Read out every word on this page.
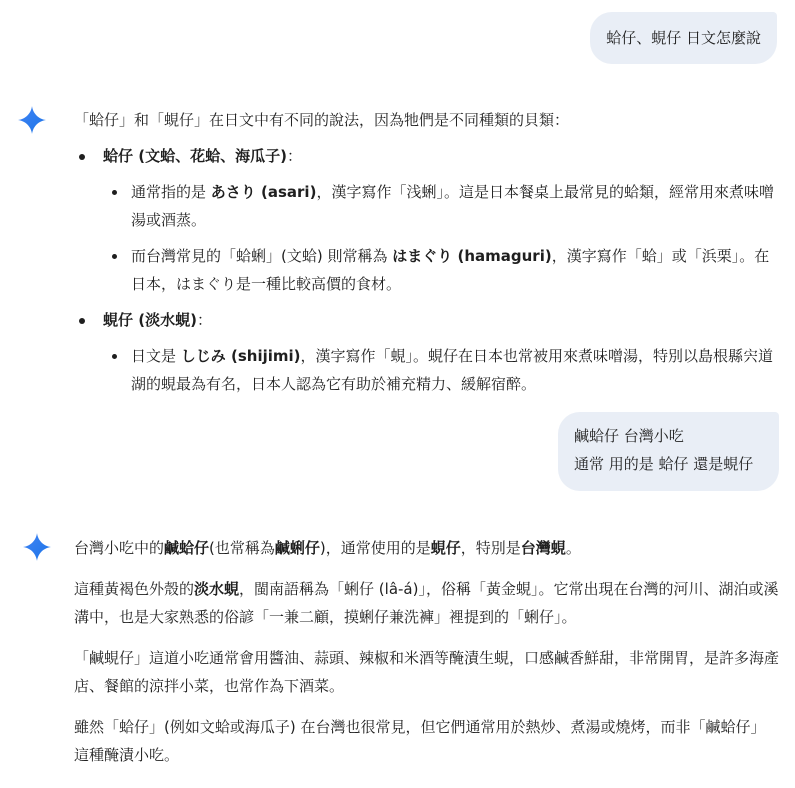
蛤仔、蜆仔 日文怎麼說

「蛤仔」和「蜆仔」在日文中有不同的說法，因為牠們是不同種類的貝類：

蛤仔 (文蛤、花蛤、海瓜子)：
通常指的是 あさり (asari)，漢字寫作「浅蜊」。這是日本餐桌上最常見的蛤類，經常用來煮味噌湯或酒蒸。
而台灣常見的「蛤蜊」(文蛤) 則常稱為 はまぐり (hamaguri)，漢字寫作「蛤」或「浜栗」。在日本，はまぐり是一種比較高價的食材。
蜆仔 (淡水蜆)：
日文是 しじみ (shijimi)，漢字寫作「蜆」。蜆仔在日本也常被用來煮味噌湯，特別以島根縣宍道湖的蜆最為有名，日本人認為它有助於補充精力、緩解宿醉。
鹹蛤仔 台灣小吃
通常 用的是 蛤仔 還是蜆仔

台灣小吃中的鹹蛤仔(也常稱為鹹蜊仔)，通常使用的是蜆仔，特別是台灣蜆。

這種黃褐色外殼的淡水蜆，閩南語稱為「蜊仔 (lâ-á)」，俗稱「黃金蜆」。它常出現在台灣的河川、湖泊或溪溝中，也是大家熟悉的俗諺「一兼二顧，摸蜊仔兼洗褲」裡提到的「蜊仔」。

「鹹蜆仔」這道小吃通常會用醬油、蒜頭、辣椒和米酒等醃漬生蜆，口感鹹香鮮甜，非常開胃，是許多海產店、餐館的涼拌小菜，也常作為下酒菜。

雖然「蛤仔」(例如文蛤或海瓜子) 在台灣也很常見，但它們通常用於熱炒、煮湯或燒烤，而非「鹹蛤仔」這種醃漬小吃。
